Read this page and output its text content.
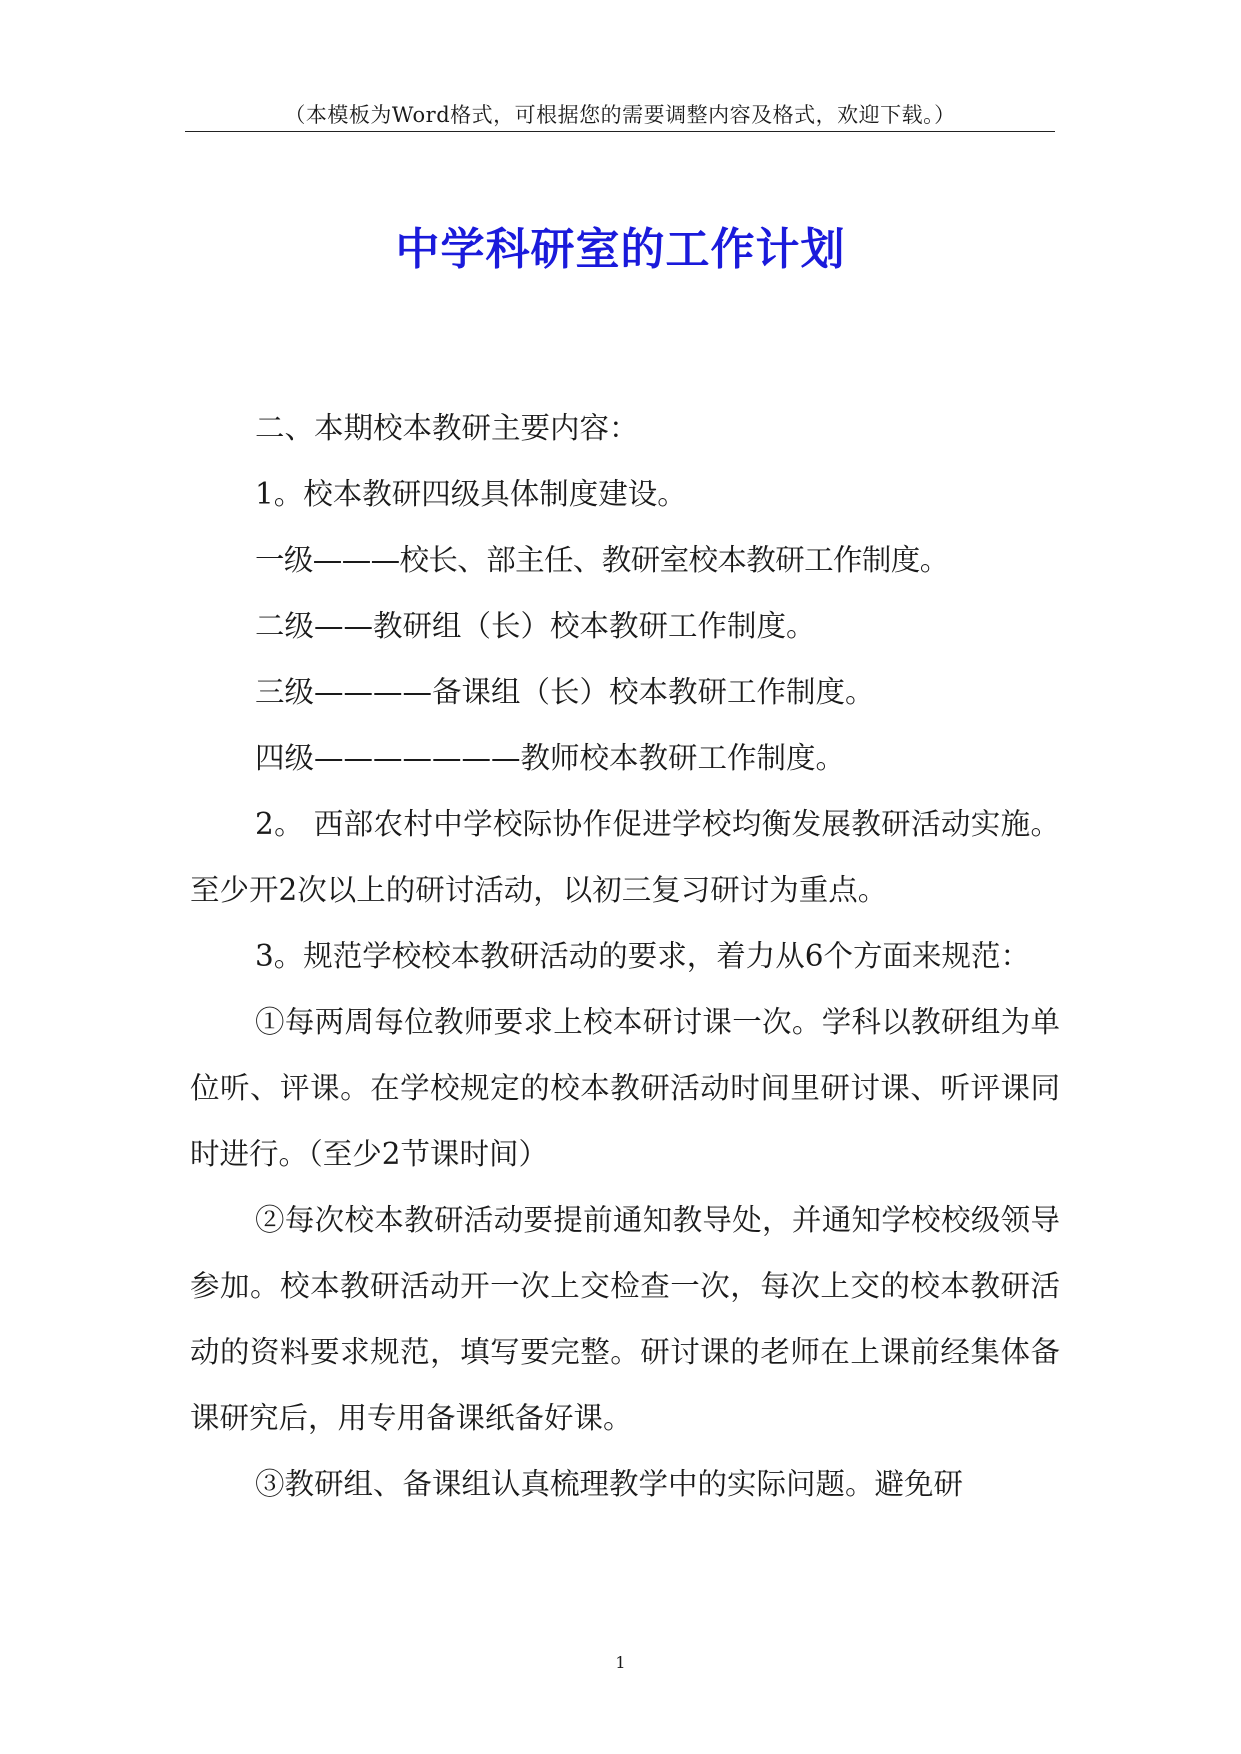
（本模板为Word格式，可根据您的需要调整内容及格式，欢迎下载。）
中学科研室的工作计划

二、本期校本教研主要内容：

1。校本教研四级具体制度建设。

一级———校长、部主任、教研室校本教研工作制度。

二级——教研组（长）校本教研工作制度。

三级————备课组（长）校本教研工作制度。

四级———————教师校本教研工作制度。

2。 西部农村中学校际协作促进学校均衡发展教研活动实施。至少开2次以上的研讨活动，以初三复习研讨为重点。

3。规范学校校本教研活动的要求，着力从6个方面来规范：

①每两周每位教师要求上校本研讨课一次。学科以教研组为单位听、评课。在学校规定的校本教研活动时间里研讨课、听评课同时进行。（至少2节课时间）

②每次校本教研活动要提前通知教导处，并通知学校校级领导参加。校本教研活动开一次上交检查一次，每次上交的校本教研活动的资料要求规范，填写要完整。研讨课的老师在上课前经集体备课研究后，用专用备课纸备好课。

③教研组、备课组认真梳理教学中的实际问题。避免研

1
